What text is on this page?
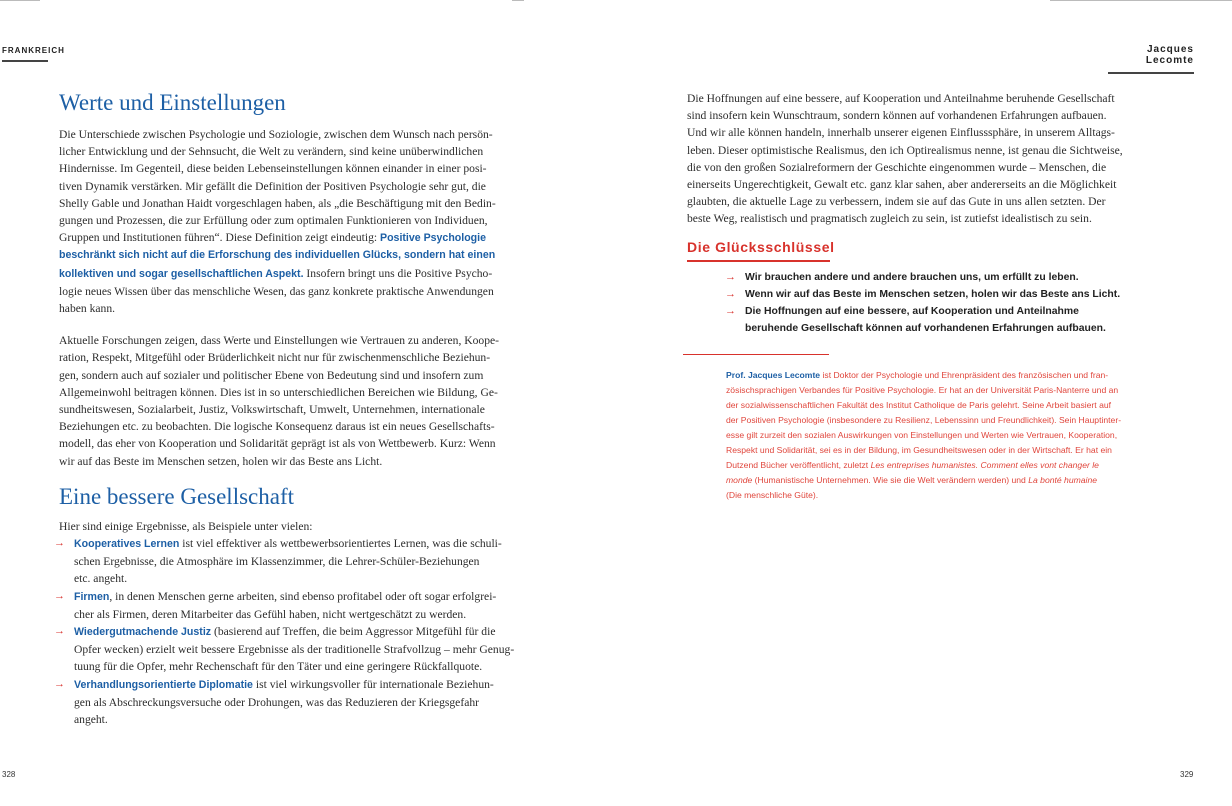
FRANKREICH	Jacques Lecomte
Werte und Einstellungen

Die Unterschiede zwischen Psychologie und Soziologie, zwischen dem Wunsch nach persön-
licher Entwicklung und der Sehnsucht, die Welt zu verändern, sind keine unüberwindlichen
Hindernisse. Im Gegenteil, diese beiden Lebenseinstellungen können einander in einer posi-
tiven Dynamik verstärken. Mir gefällt die Definition der Positiven Psychologie sehr gut, die
Shelly Gable und Jonathan Haidt vorgeschlagen haben, als „die Beschäftigung mit den Bedin-
gungen und Prozessen, die zur Erfüllung oder zum optimalen Funktionieren von Individuen,
Gruppen und Institutionen führen“. Diese Definition zeigt eindeutig: Positive Psychologie
beschränkt sich nicht auf die Erforschung des individuellen Glücks, sondern hat einen
kollektiven und sogar gesellschaftlichen Aspekt. Insofern bringt uns die Positive Psycho-
logie neues Wissen über das menschliche Wesen, das ganz konkrete praktische Anwendungen
haben kann.

Aktuelle Forschungen zeigen, dass Werte und Einstellungen wie Vertrauen zu anderen, Koope-
ration, Respekt, Mitgefühl oder Brüderlichkeit nicht nur für zwischenmenschliche Beziehun-
gen, sondern auch auf sozialer und politischer Ebene von Bedeutung sind und insofern zum
Allgemeinwohl beitragen können. Dies ist in so unterschiedlichen Bereichen wie Bildung, Ge-
sundheitswesen, Sozialarbeit, Justiz, Volkswirtschaft, Umwelt, Unternehmen, internationale
Beziehungen etc. zu beobachten. Die logische Konsequenz daraus ist ein neues Gesellschafts-
modell, das eher von Kooperation und Solidarität geprägt ist als von Wettbewerb. Kurz: Wenn
wir auf das Beste im Menschen setzen, holen wir das Beste ans Licht.

Eine bessere Gesellschaft

Hier sind einige Ergebnisse, als Beispiele unter vielen:

→ Kooperatives Lernen ist viel effektiver als wettbewerbsorientiertes Lernen, was die schuli-
schen Ergebnisse, die Atmosphäre im Klassenzimmer, die Lehrer-Schüler-Beziehungen
etc. angeht.
→ Firmen, in denen Menschen gerne arbeiten, sind ebenso profitabel oder oft sogar erfolgrei-
cher als Firmen, deren Mitarbeiter das Gefühl haben, nicht wertgeschätzt zu werden.
→ Wiedergutmachende Justiz (basierend auf Treffen, die beim Aggressor Mitgefühl für die
Opfer wecken) erzielt weit bessere Ergebnisse als der traditionelle Strafvollzug – mehr Genug-
tuung für die Opfer, mehr Rechenschaft für den Täter und eine geringere Rückfallquote.
→ Verhandlungsorientierte Diplomatie ist viel wirkungsvoller für internationale Beziehun-
gen als Abschreckungsversuche oder Drohungen, was das Reduzieren der Kriegsgefahr
angeht.
328

Die Hoffnungen auf eine bessere, auf Kooperation und Anteilnahme beruhende Gesellschaft
sind insofern kein Wunschtraum, sondern können auf vorhandenen Erfahrungen aufbauen.
Und wir alle können handeln, innerhalb unserer eigenen Einflusssphäre, in unserem Alltags-
leben. Dieser optimistische Realismus, den ich Optirealismus nenne, ist genau die Sichtweise,
die von den großen Sozialreformern der Geschichte eingenommen wurde – Menschen, die
einerseits Ungerechtigkeit, Gewalt etc. ganz klar sahen, aber andererseits an die Möglichkeit
glaubten, die aktuelle Lage zu verbessern, indem sie auf das Gute in uns allen setzten. Der
beste Weg, realistisch und pragmatisch zugleich zu sein, ist zutiefst idealistisch zu sein.

Die Glücksschlüssel
→ Wir brauchen andere und andere brauchen uns, um erfüllt zu leben.
→ Wenn wir auf das Beste im Menschen setzen, holen wir das Beste ans Licht.
→ Die Hoffnungen auf eine bessere, auf Kooperation und Anteilnahme
beruhende Gesellschaft können auf vorhandenen Erfahrungen aufbauen.
Prof. Jacques Lecomte ist Doktor der Psychologie und Ehrenpräsident des französischen und fran-
zösischsprachigen Verbandes für Positive Psychologie. Er hat an der Universität Paris-Nanterre und an
der sozialwissenschaftlichen Fakultät des Institut Catholique de Paris gelehrt. Seine Arbeit basiert auf
der Positiven Psychologie (insbesondere zu Resilienz, Lebenssinn und Freundlichkeit). Sein Hauptinter-
esse gilt zurzeit den sozialen Auswirkungen von Einstellungen und Werten wie Vertrauen, Kooperation,
Respekt und Solidarität, sei es in der Bildung, im Gesundheitswesen oder in der Wirtschaft. Er hat ein
Dutzend Bücher veröffentlicht, zuletzt Les entreprises humanistes. Comment elles vont changer le
monde (Humanistische Unternehmen. Wie sie die Welt verändern werden) und La bonté humaine
(Die menschliche Güte).
329
